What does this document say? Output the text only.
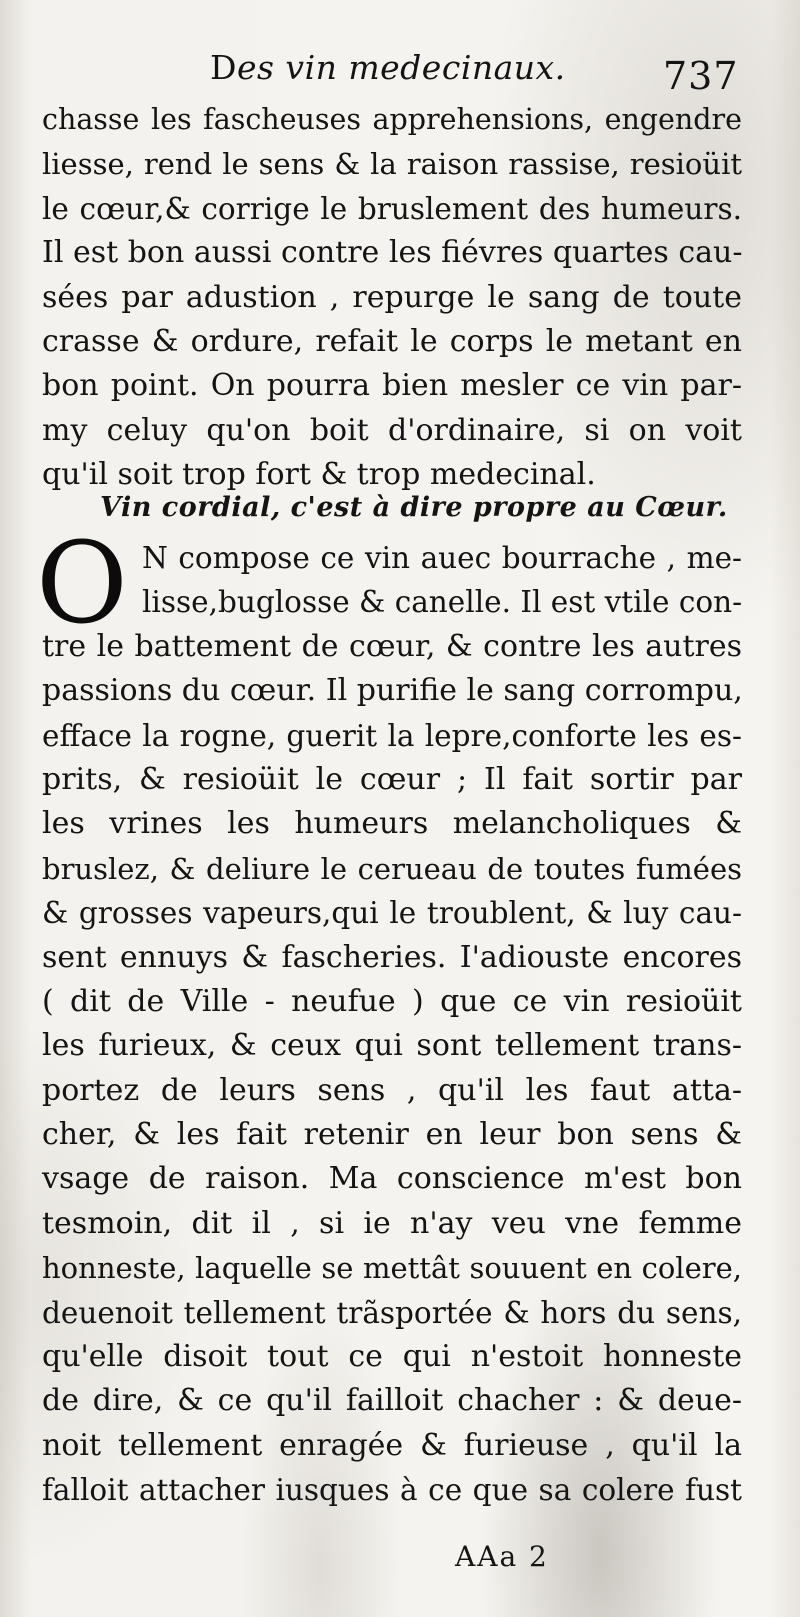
Des vin medecinaux.	737
chasse les fascheuses apprehensions, engendre
liesse, rend le sens & la raison rassise, resioüit
le cœur,& corrige le bruslement des humeurs.
Il est bon aussi contre les fiévres quartes cau-
sées par adustion , repurge le sang de toute
crasse & ordure, refait le corps le metant en
bon point. On pourra bien mesler ce vin par-
my celuy qu'on boit d'ordinaire, si on voit
qu'il soit trop fort & trop medecinal.
Vin cordial, c'est à dire propre au Cœur.
O N compose ce vin auec bourrache , me-
lisse,buglosse & canelle. Il est vtile con-
tre le battement de cœur, & contre les autres
passions du cœur. Il purifie le sang corrompu,
efface la rogne, guerit la lepre,conforte les es-
prits, & resioüit le cœur ; Il fait sortir par
les vrines les humeurs melancholiques &
bruslez, & deliure le cerueau de toutes fumées
& grosses vapeurs,qui le troublent, & luy cau-
sent ennuys & fascheries. I'adiouste encores
( dit de Ville - neufue ) que ce vin resioüit
les furieux, & ceux qui sont tellement trans-
portez de leurs sens , qu'il les faut atta-
cher, & les fait retenir en leur bon sens &
vsage de raison. Ma conscience m'est bon
tesmoin, dit il , si ie n'ay veu vne femme
honneste, laquelle se mettât souuent en colere,
deuenoit tellement trãsportée & hors du sens,
qu'elle disoit tout ce qui n'estoit honneste
de dire, & ce qu'il failloit chacher : & deue-
noit tellement enragée & furieuse , qu'il la
falloit attacher iusques à ce que sa colere fust
AAa 2
